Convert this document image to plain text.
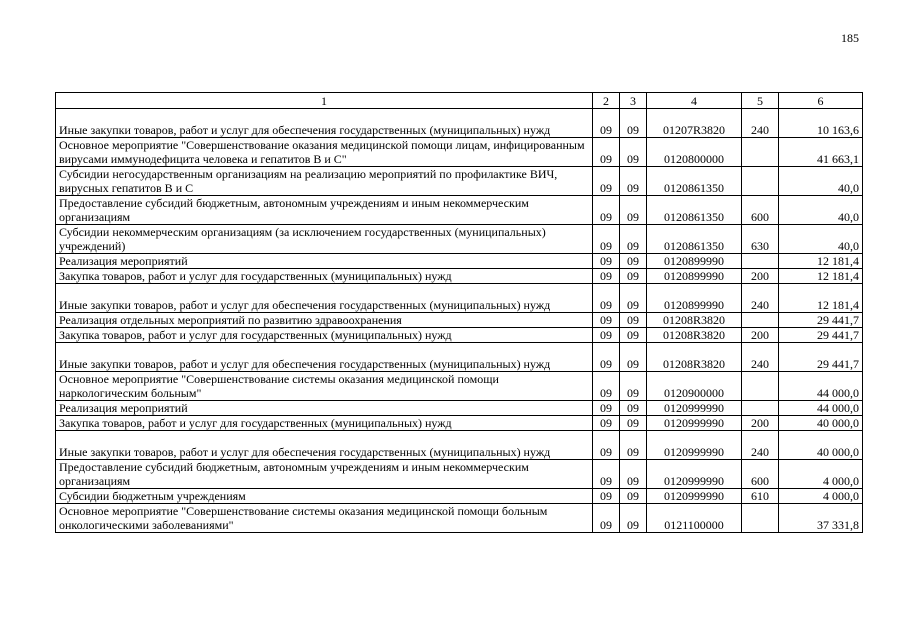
185
1	2	3	4	5	6
Иные закупки товаров, работ и услуг для обеспечения государственных (муниципальных) нужд	09	09	01207R3820	240	10 163,6
Основное мероприятие "Совершенствование оказания медицинской помощи лицам, инфицированным вирусами иммунодефицита человека и гепатитов В и С"	09	09	0120800000		41 663,1
Субсидии негосударственным организациям на реализацию мероприятий по профилактике ВИЧ, вирусных гепатитов В и С	09	09	0120861350		40,0
Предоставление субсидий бюджетным, автономным учреждениям и иным некоммерческим организациям	09	09	0120861350	600	40,0
Субсидии некоммерческим организациям (за исключением государственных (муниципальных) учреждений)	09	09	0120861350	630	40,0
Реализация мероприятий	09	09	0120899990		12 181,4
Закупка товаров, работ и услуг для государственных (муниципальных) нужд	09	09	0120899990	200	12 181,4
Иные закупки товаров, работ и услуг для обеспечения государственных (муниципальных) нужд	09	09	0120899990	240	12 181,4
Реализация отдельных мероприятий по развитию здравоохранения	09	09	01208R3820		29 441,7
Закупка товаров, работ и услуг для государственных (муниципальных) нужд	09	09	01208R3820	200	29 441,7
Иные закупки товаров, работ и услуг для обеспечения государственных (муниципальных) нужд	09	09	01208R3820	240	29 441,7
Основное мероприятие "Совершенствование системы оказания медицинской помощи наркологическим больным"	09	09	0120900000		44 000,0
Реализация мероприятий	09	09	0120999990		44 000,0
Закупка товаров, работ и услуг для государственных (муниципальных) нужд	09	09	0120999990	200	40 000,0
Иные закупки товаров, работ и услуг для обеспечения государственных (муниципальных) нужд	09	09	0120999990	240	40 000,0
Предоставление субсидий бюджетным, автономным учреждениям и иным некоммерческим организациям	09	09	0120999990	600	4 000,0
Субсидии бюджетным учреждениям	09	09	0120999990	610	4 000,0
Основное мероприятие "Совершенствование системы оказания медицинской помощи больным онкологическими заболеваниями"	09	09	0121100000		37 331,8
